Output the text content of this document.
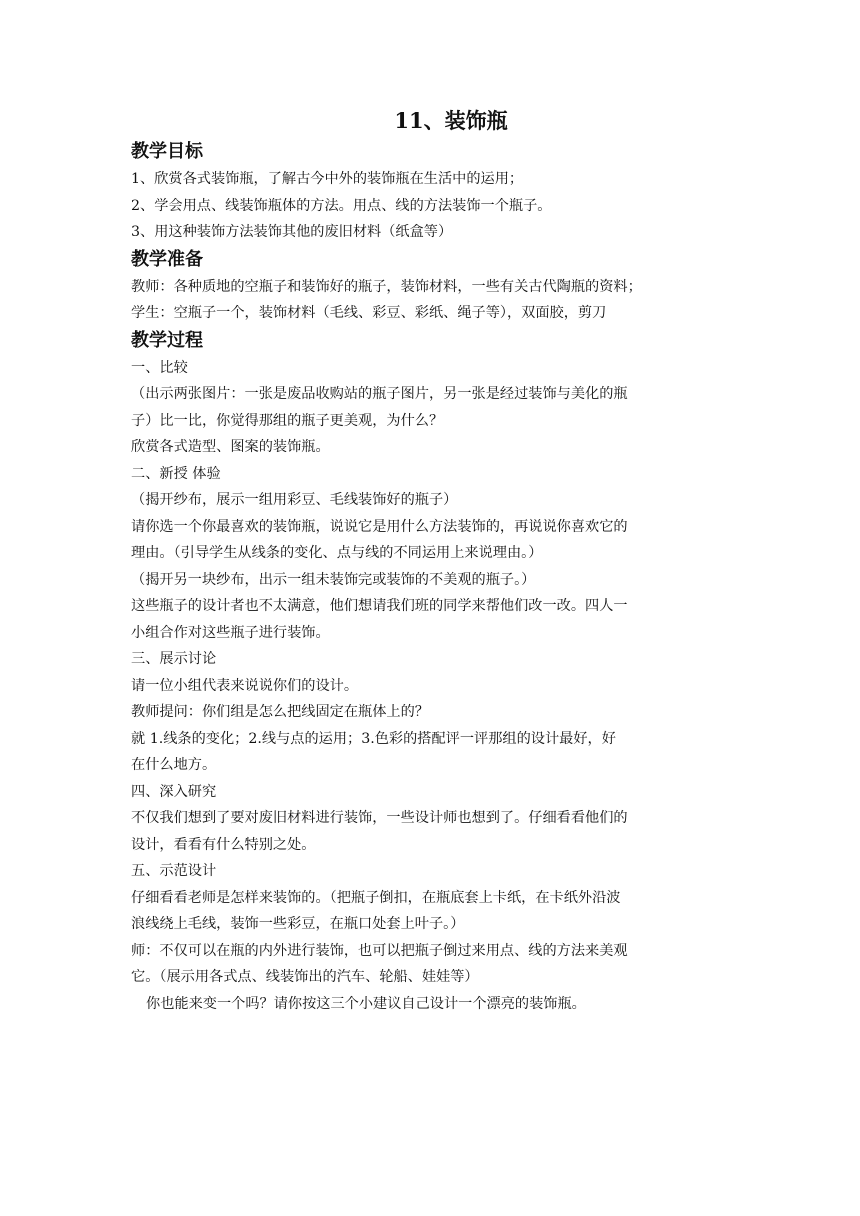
11、装饰瓶
教学目标

1、欣赏各式装饰瓶，了解古今中外的装饰瓶在生活中的运用；

2、学会用点、线装饰瓶体的方法。用点、线的方法装饰一个瓶子。

3、用这种装饰方法装饰其他的废旧材料（纸盒等）

教学准备

教师：各种质地的空瓶子和装饰好的瓶子，装饰材料，一些有关古代陶瓶的资料；

学生：空瓶子一个，装饰材料（毛线、彩豆、彩纸、绳子等），双面胶，剪刀

教学过程

一、比较

（出示两张图片：一张是废品收购站的瓶子图片，另一张是经过装饰与美化的瓶

子）比一比，你觉得那组的瓶子更美观，为什么？

欣赏各式造型、图案的装饰瓶。

二、新授 体验

（揭开纱布，展示一组用彩豆、毛线装饰好的瓶子）

请你选一个你最喜欢的装饰瓶，说说它是用什么方法装饰的，再说说你喜欢它的

理由。（引导学生从线条的变化、点与线的不同运用上来说理由。）

（揭开另一块纱布，出示一组未装饰完或装饰的不美观的瓶子。）

这些瓶子的设计者也不太满意，他们想请我们班的同学来帮他们改一改。四人一

小组合作对这些瓶子进行装饰。

三、展示讨论

请一位小组代表来说说你们的设计。

教师提问：你们组是怎么把线固定在瓶体上的？

就 1.线条的变化；2.线与点的运用；3.色彩的搭配评一评那组的设计最好，好

在什么地方。

四、深入研究

不仅我们想到了要对废旧材料进行装饰，一些设计师也想到了。仔细看看他们的

设计，看看有什么特别之处。

五、示范设计

仔细看看老师是怎样来装饰的。（把瓶子倒扣，在瓶底套上卡纸，在卡纸外沿波

浪线绕上毛线，装饰一些彩豆，在瓶口处套上叶子。）

师：不仅可以在瓶的内外进行装饰，也可以把瓶子倒过来用点、线的方法来美观

它。（展示用各式点、线装饰出的汽车、轮船、娃娃等）

你也能来变一个吗？请你按这三个小建议自己设计一个漂亮的装饰瓶。
